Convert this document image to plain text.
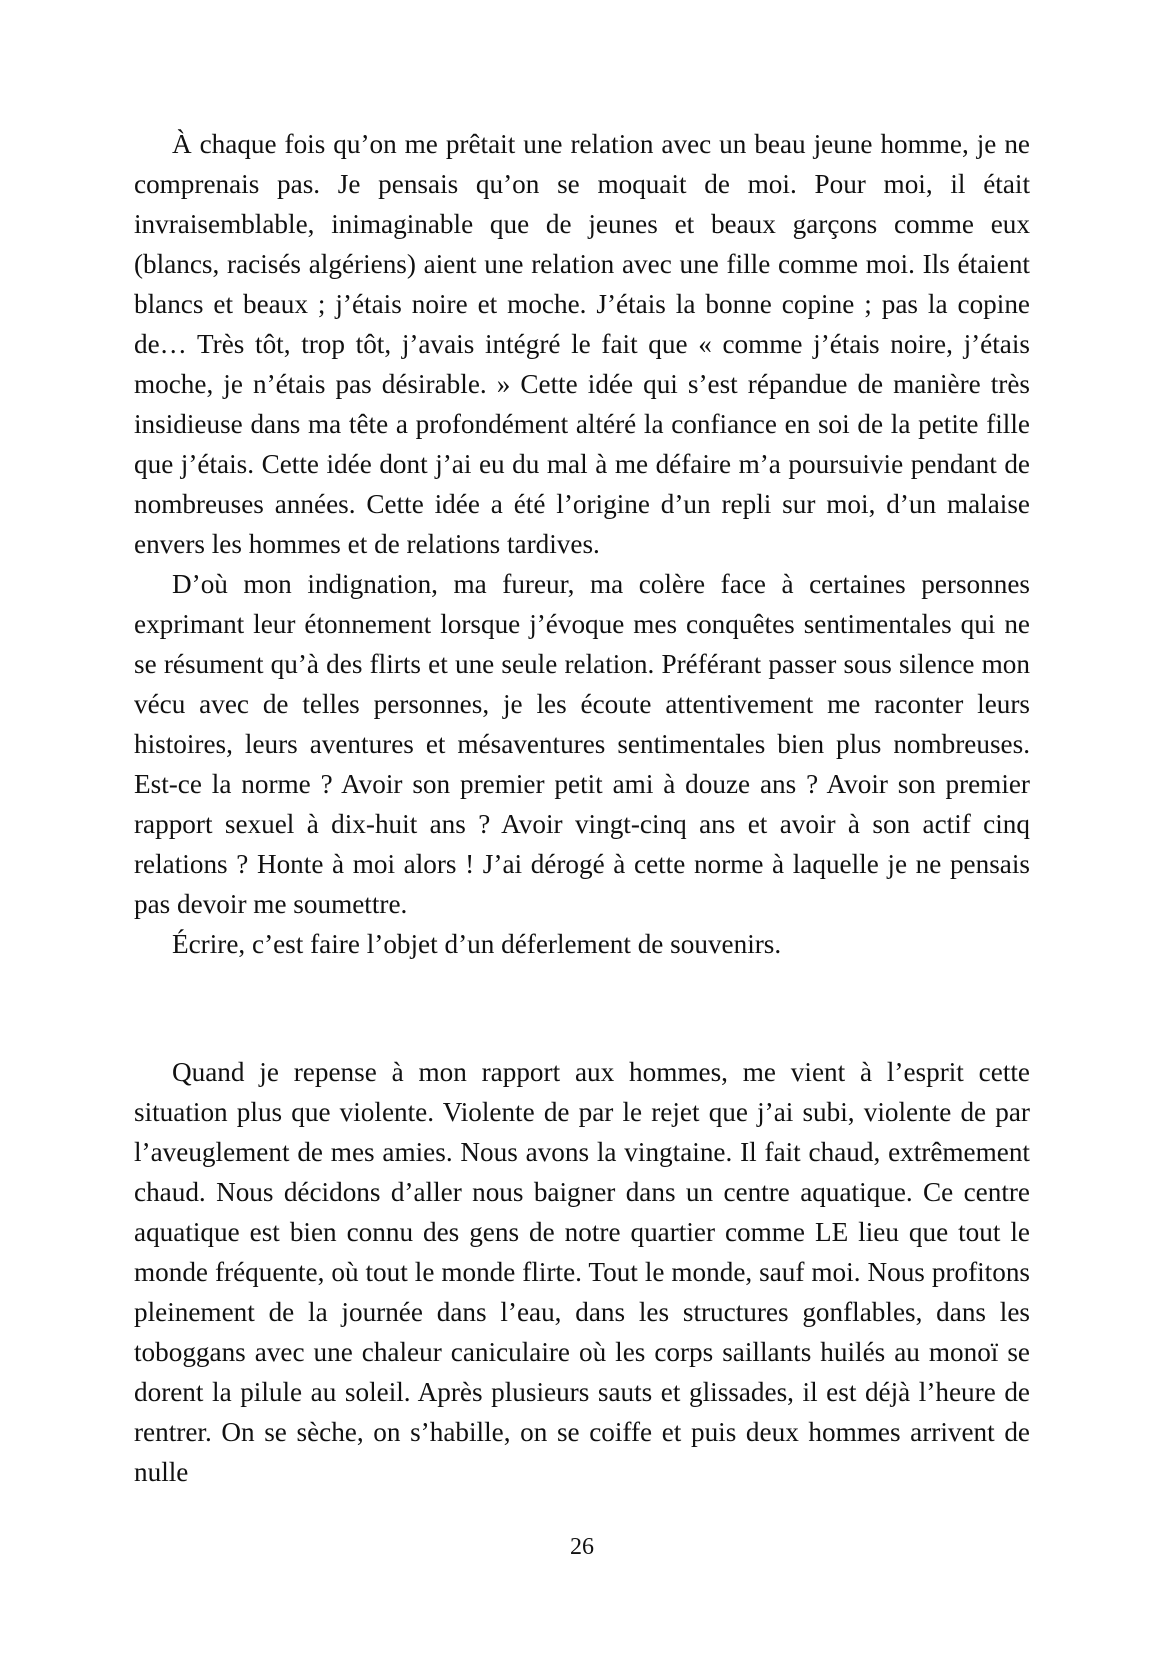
À chaque fois qu’on me prêtait une relation avec un beau jeune homme, je ne comprenais pas. Je pensais qu’on se moquait de moi. Pour moi, il était invraisemblable, inimaginable que de jeunes et beaux garçons comme eux (blancs, racisés algériens) aient une relation avec une fille comme moi. Ils étaient blancs et beaux ; j’étais noire et moche. J’étais la bonne copine ; pas la copine de… Très tôt, trop tôt, j’avais intégré le fait que « comme j’étais noire, j’étais moche, je n’étais pas désirable. » Cette idée qui s’est répandue de manière très insidieuse dans ma tête a profondément altéré la confiance en soi de la petite fille que j’étais. Cette idée dont j’ai eu du mal à me défaire m’a poursuivie pendant de nombreuses années. Cette idée a été l’origine d’un repli sur moi, d’un malaise envers les hommes et de relations tardives.

D’où mon indignation, ma fureur, ma colère face à certaines personnes exprimant leur étonnement lorsque j’évoque mes conquêtes sentimentales qui ne se résument qu’à des flirts et une seule relation. Préférant passer sous silence mon vécu avec de telles personnes, je les écoute attentivement me raconter leurs histoires, leurs aventures et mésaventures sentimentales bien plus nombreuses. Est-ce la norme ? Avoir son premier petit ami à douze ans ? Avoir son premier rapport sexuel à dix-huit ans ? Avoir vingt-cinq ans et avoir à son actif cinq relations ? Honte à moi alors ! J’ai dérogé à cette norme à laquelle je ne pensais pas devoir me soumettre.

Écrire, c’est faire l’objet d’un déferlement de souvenirs.

Quand je repense à mon rapport aux hommes, me vient à l’esprit cette situation plus que violente. Violente de par le rejet que j’ai subi, violente de par l’aveuglement de mes amies. Nous avons la vingtaine. Il fait chaud, extrêmement chaud. Nous décidons d’aller nous baigner dans un centre aquatique. Ce centre aquatique est bien connu des gens de notre quartier comme LE lieu que tout le monde fréquente, où tout le monde flirte. Tout le monde, sauf moi. Nous profitons pleinement de la journée dans l’eau, dans les structures gonflables, dans les toboggans avec une chaleur caniculaire où les corps saillants huilés au monoï se dorent la pilule au soleil. Après plusieurs sauts et glissades, il est déjà l’heure de rentrer. On se sèche, on s’habille, on se coiffe et puis deux hommes arrivent de nulle

26
